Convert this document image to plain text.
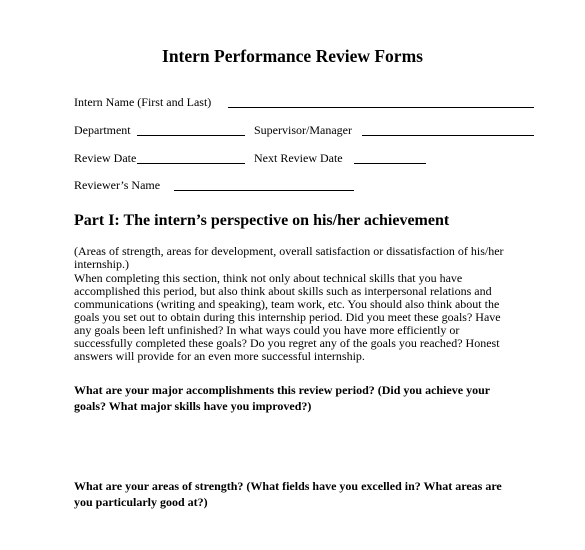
Intern Performance Review Forms
Intern Name (First and Last)
Department	Supervisor/Manager
Review Date	Next Review Date
Reviewer’s Name
Part I: The intern’s perspective on his/her achievement
(Areas of strength, areas for development, overall satisfaction or dissatisfaction of his/her
internship.)
When completing this section, think not only about technical skills that you have
accomplished this period, but also think about skills such as interpersonal relations and
communications (writing and speaking), team work, etc. You should also think about the
goals you set out to obtain during this internship period. Did you meet these goals? Have
any goals been left unfinished? In what ways could you have more efficiently or
successfully completed these goals? Do you regret any of the goals you reached? Honest
answers will provide for an even more successful internship.
What are your major accomplishments this review period? (Did you achieve your
goals? What major skills have you improved?)
What are your areas of strength? (What fields have you excelled in? What areas are
you particularly good at?)
